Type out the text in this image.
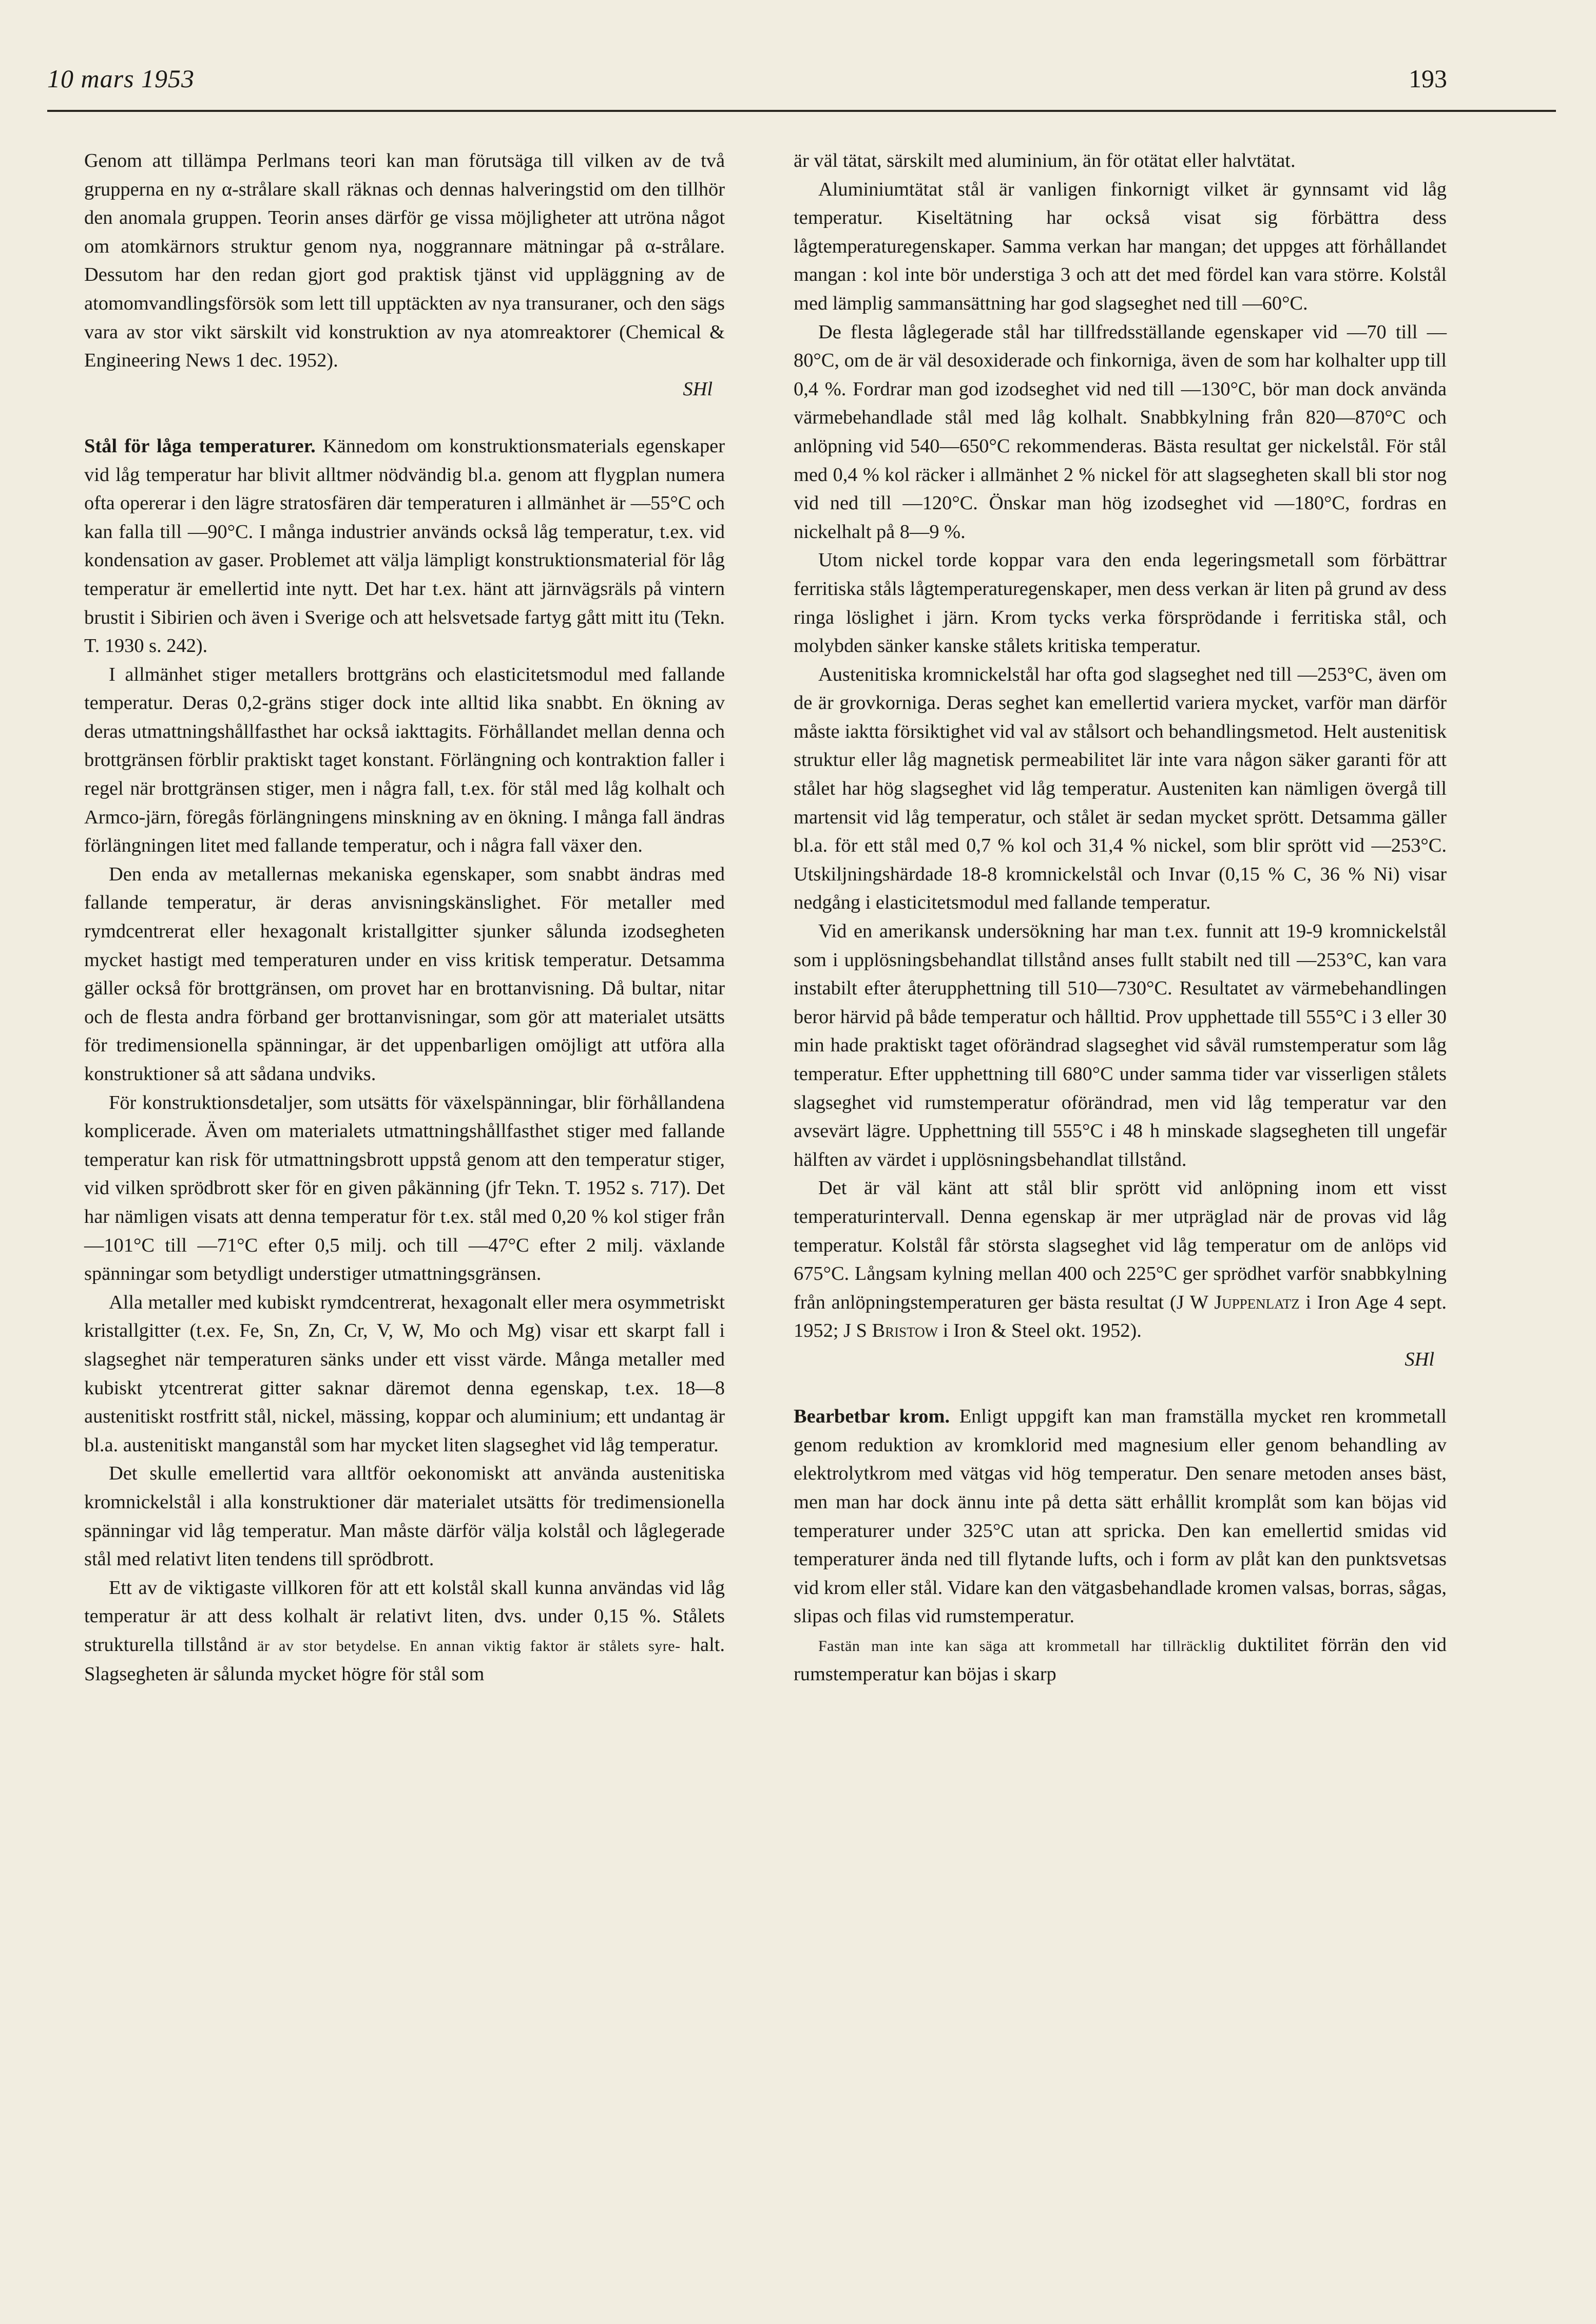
10 mars 1953	193

Genom att tillämpa Perlmans teori kan man förutsäga till vilken av de två grupperna en ny α-strålare skall räknas och dennas halveringstid om den tillhör den anomala gruppen. Teorin anses därför ge vissa möjligheter att utröna något om atomkärnors struktur genom nya, noggrannare mätningar på α-strålare. Dessutom har den redan gjort god praktisk tjänst vid uppläggning av de atomomvandlingsförsök som lett till upptäckten av nya transuraner, och den sägs vara av stor vikt särskilt vid konstruktion av nya atomreaktorer (Chemical & Engineering News 1 dec. 1952).

SHl

Stål för låga temperaturer. Kännedom om konstruktionsmaterials egenskaper vid låg temperatur har blivit alltmer nödvändig bl.a. genom att flygplan numera ofta opererar i den lägre stratosfären där temperaturen i allmänhet är —55°C och kan falla till —90°C. I många industrier används också låg temperatur, t.ex. vid kondensation av gaser. Problemet att välja lämpligt konstruktionsmaterial för låg temperatur är emellertid inte nytt. Det har t.ex. hänt att järnvägsräls på vintern brustit i Sibirien och även i Sverige och att helsvetsade fartyg gått mitt itu (Tekn. T. 1930 s. 242).

I allmänhet stiger metallers brottgräns och elasticitetsmodul med fallande temperatur. Deras 0,2-gräns stiger dock inte alltid lika snabbt. En ökning av deras utmattningshållfasthet har också iakttagits. Förhållandet mellan denna och brottgränsen förblir praktiskt taget konstant. Förlängning och kontraktion faller i regel när brottgränsen stiger, men i några fall, t.ex. för stål med låg kolhalt och Armco-järn, föregås förlängningens minskning av en ökning. I många fall ändras förlängningen litet med fallande temperatur, och i några fall växer den.

Den enda av metallernas mekaniska egenskaper, som snabbt ändras med fallande temperatur, är deras anvisningskänslighet. För metaller med rymdcentrerat eller hexagonalt kristallgitter sjunker sålunda izodsegheten mycket hastigt med temperaturen under en viss kritisk temperatur. Detsamma gäller också för brottgränsen, om provet har en brottanvisning. Då bultar, nitar och de flesta andra förband ger brottanvisningar, som gör att materialet utsätts för tredimensionella spänningar, är det uppenbarligen omöjligt att utföra alla konstruktioner så att sådana undviks.

För konstruktionsdetaljer, som utsätts för växelspänningar, blir förhållandena komplicerade. Även om materialets utmattningshållfasthet stiger med fallande temperatur kan risk för utmattningsbrott uppstå genom att den temperatur stiger, vid vilken sprödbrott sker för en given påkänning (jfr Tekn. T. 1952 s. 717). Det har nämligen visats att denna temperatur för t.ex. stål med 0,20 % kol stiger från —101°C till —71°C efter 0,5 milj. och till —47°C efter 2 milj. växlande spänningar som betydligt understiger utmattningsgränsen.

Alla metaller med kubiskt rymdcentrerat, hexagonalt eller mera osymmetriskt kristallgitter (t.ex. Fe, Sn, Zn, Cr, V, W, Mo och Mg) visar ett skarpt fall i slagseghet när temperaturen sänks under ett visst värde. Många metaller med kubiskt ytcentrerat gitter saknar däremot denna egenskap, t.ex. 18—8 austenitiskt rostfritt stål, nickel, mässing, koppar och aluminium; ett undantag är bl.a. austenitiskt manganstål som har mycket liten slagseghet vid låg temperatur.

Det skulle emellertid vara alltför oekonomiskt att använda austenitiska kromnickelstål i alla konstruktioner där materialet utsätts för tredimensionella spänningar vid låg temperatur. Man måste därför välja kolstål och låglegerade stål med relativt liten tendens till sprödbrott.

Ett av de viktigaste villkoren för att ett kolstål skall kunna användas vid låg temperatur är att dess kolhalt är relativt liten, dvs. under 0,15 %. Stålets strukturella tillstånd är av stor betydelse. En annan viktig faktor är stålets syre- halt. Slagsegheten är sålunda mycket högre för stål som

är väl tätat, särskilt med aluminium, än för otätat eller halvtätat.

Aluminiumtätat stål är vanligen finkornigt vilket är gynnsamt vid låg temperatur. Kiseltätning har också visat sig förbättra dess lågtemperaturegenskaper. Samma verkan har mangan; det uppges att förhållandet mangan : kol inte bör understiga 3 och att det med fördel kan vara större. Kolstål med lämplig sammansättning har god slagseghet ned till —60°C.

De flesta låglegerade stål har tillfredsställande egenskaper vid —70 till —80°C, om de är väl desoxiderade och finkorniga, även de som har kolhalter upp till 0,4 %. Fordrar man god izodseghet vid ned till —130°C, bör man dock använda värmebehandlade stål med låg kolhalt. Snabbkylning från 820—870°C och anlöpning vid 540—650°C rekommenderas. Bästa resultat ger nickelstål. För stål med 0,4 % kol räcker i allmänhet 2 % nickel för att slagsegheten skall bli stor nog vid ned till —120°C. Önskar man hög izodseghet vid —180°C, fordras en nickelhalt på 8—9 %.

Utom nickel torde koppar vara den enda legeringsmetall som förbättrar ferritiska ståls lågtemperaturegenskaper, men dess verkan är liten på grund av dess ringa löslighet i järn. Krom tycks verka försprödande i ferritiska stål, och molybden sänker kanske stålets kritiska temperatur.

Austenitiska kromnickelstål har ofta god slagseghet ned till —253°C, även om de är grovkorniga. Deras seghet kan emellertid variera mycket, varför man därför måste iaktta försiktighet vid val av stålsort och behandlingsmetod. Helt austenitisk struktur eller låg magnetisk permeabilitet lär inte vara någon säker garanti för att stålet har hög slagseghet vid låg temperatur. Austeniten kan nämligen övergå till martensit vid låg temperatur, och stålet är sedan mycket sprött. Detsamma gäller bl.a. för ett stål med 0,7 % kol och 31,4 % nickel, som blir sprött vid —253°C. Utskiljningshärdade 18-8 kromnickelstål och Invar (0,15 % C, 36 % Ni) visar nedgång i elasticitetsmodul med fallande temperatur.

Vid en amerikansk undersökning har man t.ex. funnit att 19-9 kromnickelstål som i upplösningsbehandlat tillstånd anses fullt stabilt ned till —253°C, kan vara instabilt efter återupphettning till 510—730°C. Resultatet av värmebehandlingen beror härvid på både temperatur och hålltid. Prov upphettade till 555°C i 3 eller 30 min hade praktiskt taget oförändrad slagseghet vid såväl rumstemperatur som låg temperatur. Efter upphettning till 680°C under samma tider var visserligen stålets slagseghet vid rumstemperatur oförändrad, men vid låg temperatur var den avsevärt lägre. Upphettning till 555°C i 48 h minskade slagsegheten till ungefär hälften av värdet i upplösningsbehandlat tillstånd.

Det är väl känt att stål blir sprött vid anlöpning inom ett visst temperaturintervall. Denna egenskap är mer utpräglad när de provas vid låg temperatur. Kolstål får största slagseghet vid låg temperatur om de anlöps vid 675°C. Långsam kylning mellan 400 och 225°C ger sprödhet varför snabbkylning från anlöpningstemperaturen ger bästa resultat (J W Juppenlatz i Iron Age 4 sept. 1952; J S Bristow i Iron & Steel okt. 1952).

SHl

Bearbetbar krom. Enligt uppgift kan man framställa mycket ren krommetall genom reduktion av kromklorid med magnesium eller genom behandling av elektrolytkrom med vätgas vid hög temperatur. Den senare metoden anses bäst, men man har dock ännu inte på detta sätt erhållit kromplåt som kan böjas vid temperaturer under 325°C utan att spricka. Den kan emellertid smidas vid temperaturer ända ned till flytande lufts, och i form av plåt kan den punktsvetsas vid krom eller stål. Vidare kan den vätgasbehandlade kromen valsas, borras, sågas, slipas och filas vid rumstemperatur.

Fastän man inte kan säga att krommetall har tillräcklig duktilitet förrän den vid rumstemperatur kan böjas i skarp
